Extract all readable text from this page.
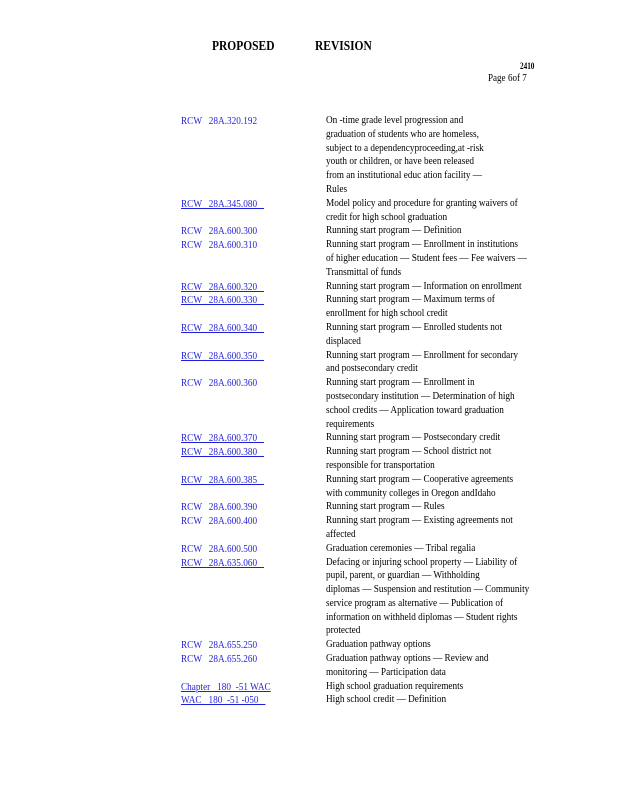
PROPOSED	REVISION
2410
Page 6of 7
RCW   28A.320.192	On -time grade level progression and
graduation of students who are homeless,
subject to a dependencyproceeding,at -risk
youth or children, or have been released
from an institutional educ ation facility —
Rules
RCW   28A.345.080	Model policy and procedure for granting waivers of
credit for high school graduation
RCW   28A.600.300	Running start program — Definition
RCW   28A.600.310	Running start program — Enrollment in institutions
of higher education — Student fees — Fee waivers —
Transmittal of funds
RCW   28A.600.320	Running start program — Information on enrollment
RCW   28A.600.330	Running start program — Maximum terms of
enrollment for high school credit
RCW   28A.600.340	Running start program — Enrolled students not
displaced
RCW   28A.600.350	Running start program — Enrollment for secondary
and postsecondary credit
RCW   28A.600.360	Running start program — Enrollment in
postsecondary institution — Determination of high
school credits — Application toward graduation
requirements
RCW   28A.600.370	Running start program — Postsecondary credit
RCW   28A.600.380	Running start program — School district not
responsible for transportation
RCW   28A.600.385	Running start program — Cooperative agreements
with community colleges in Oregon andIdaho
RCW   28A.600.390	Running start program — Rules
RCW   28A.600.400	Running start program — Existing agreements not
affected
RCW   28A.600.500	Graduation ceremonies — Tribal regalia
RCW   28A.635.060	Defacing or injuring school property — Liability of
pupil, parent, or guardian — Withholding
diplomas — Suspension and restitution — Community
service program as alternative — Publication of
information on withheld diplomas — Student rights
protected
RCW   28A.655.250	Graduation pathway options
RCW   28A.655.260	Graduation pathway options — Review and
monitoring — Participation data
Chapter   180  -51 WAC	High school graduation requirements
WAC   180  -51 -050	High school credit — Definition
